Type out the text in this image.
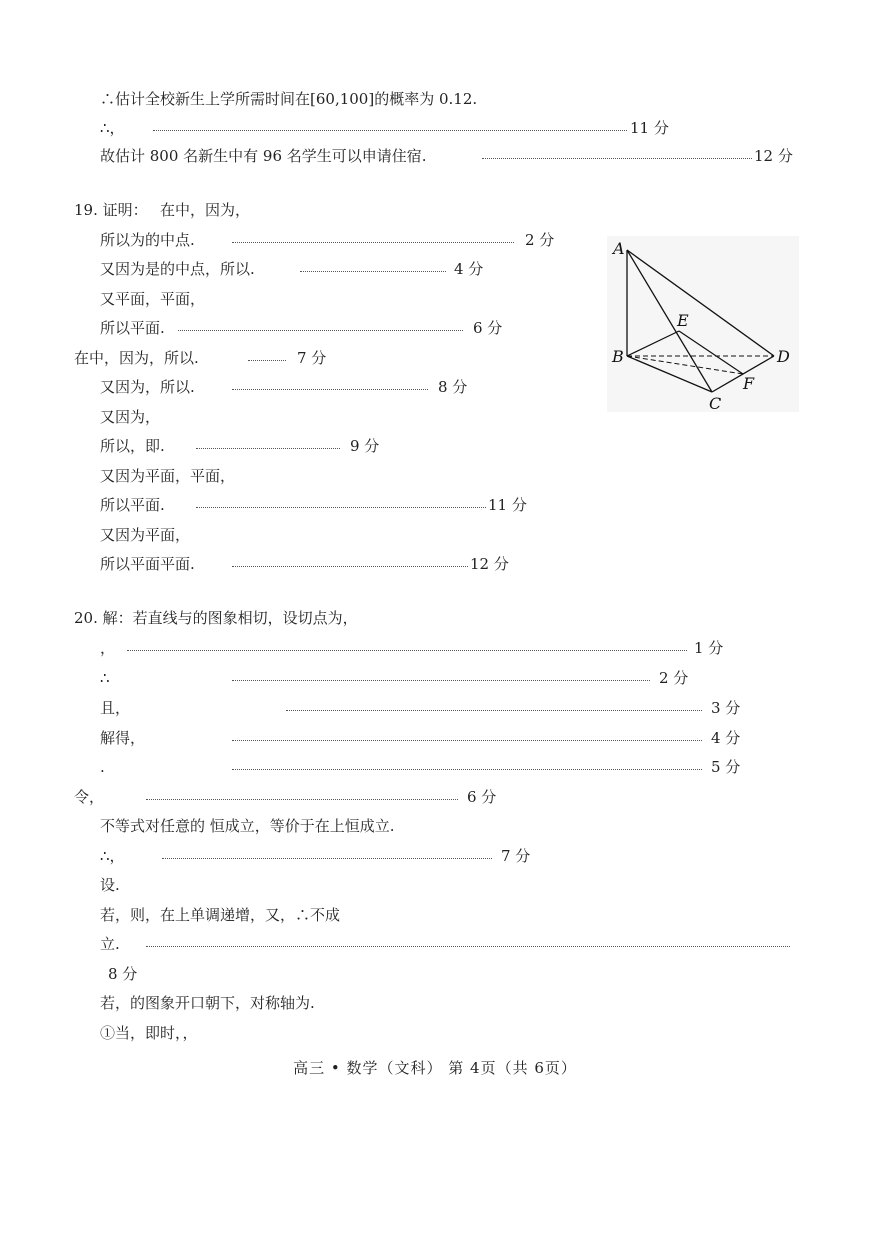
∴估计全校新生上学所需时间在[60,100]的概率为 0.12.
∴，	11 分
故估计 800 名新生中有 96 名学生可以申请住宿.	12 分
19. 证明： 在中，因为，
所以为的中点.	2 分
又因为是的中点，所以.	4 分
又平面，平面，
所以平面.	6 分
在中，因为，所以.	7 分
又因为，所以.	8 分
又因为，
所以，即.	9 分
又因为平面，平面，
所以平面.	11 分
又因为平面，
所以平面平面.	12 分
A
B
C
D
E
F
20. 解：若直线与的图象相切，设切点为，
，	1 分
∴	2 分
且，	3 分
解得，	4 分
.	5 分
令，	6 分
不等式对任意的 恒成立，等价于在上恒成立.
∴，	7 分
设.
若，则，在上单调递增，又，∴不成
立.
8 分
若，的图象开口朝下，对称轴为.
①当，即时，，
高三 • 数学（文科） 第 4页（共 6页）
